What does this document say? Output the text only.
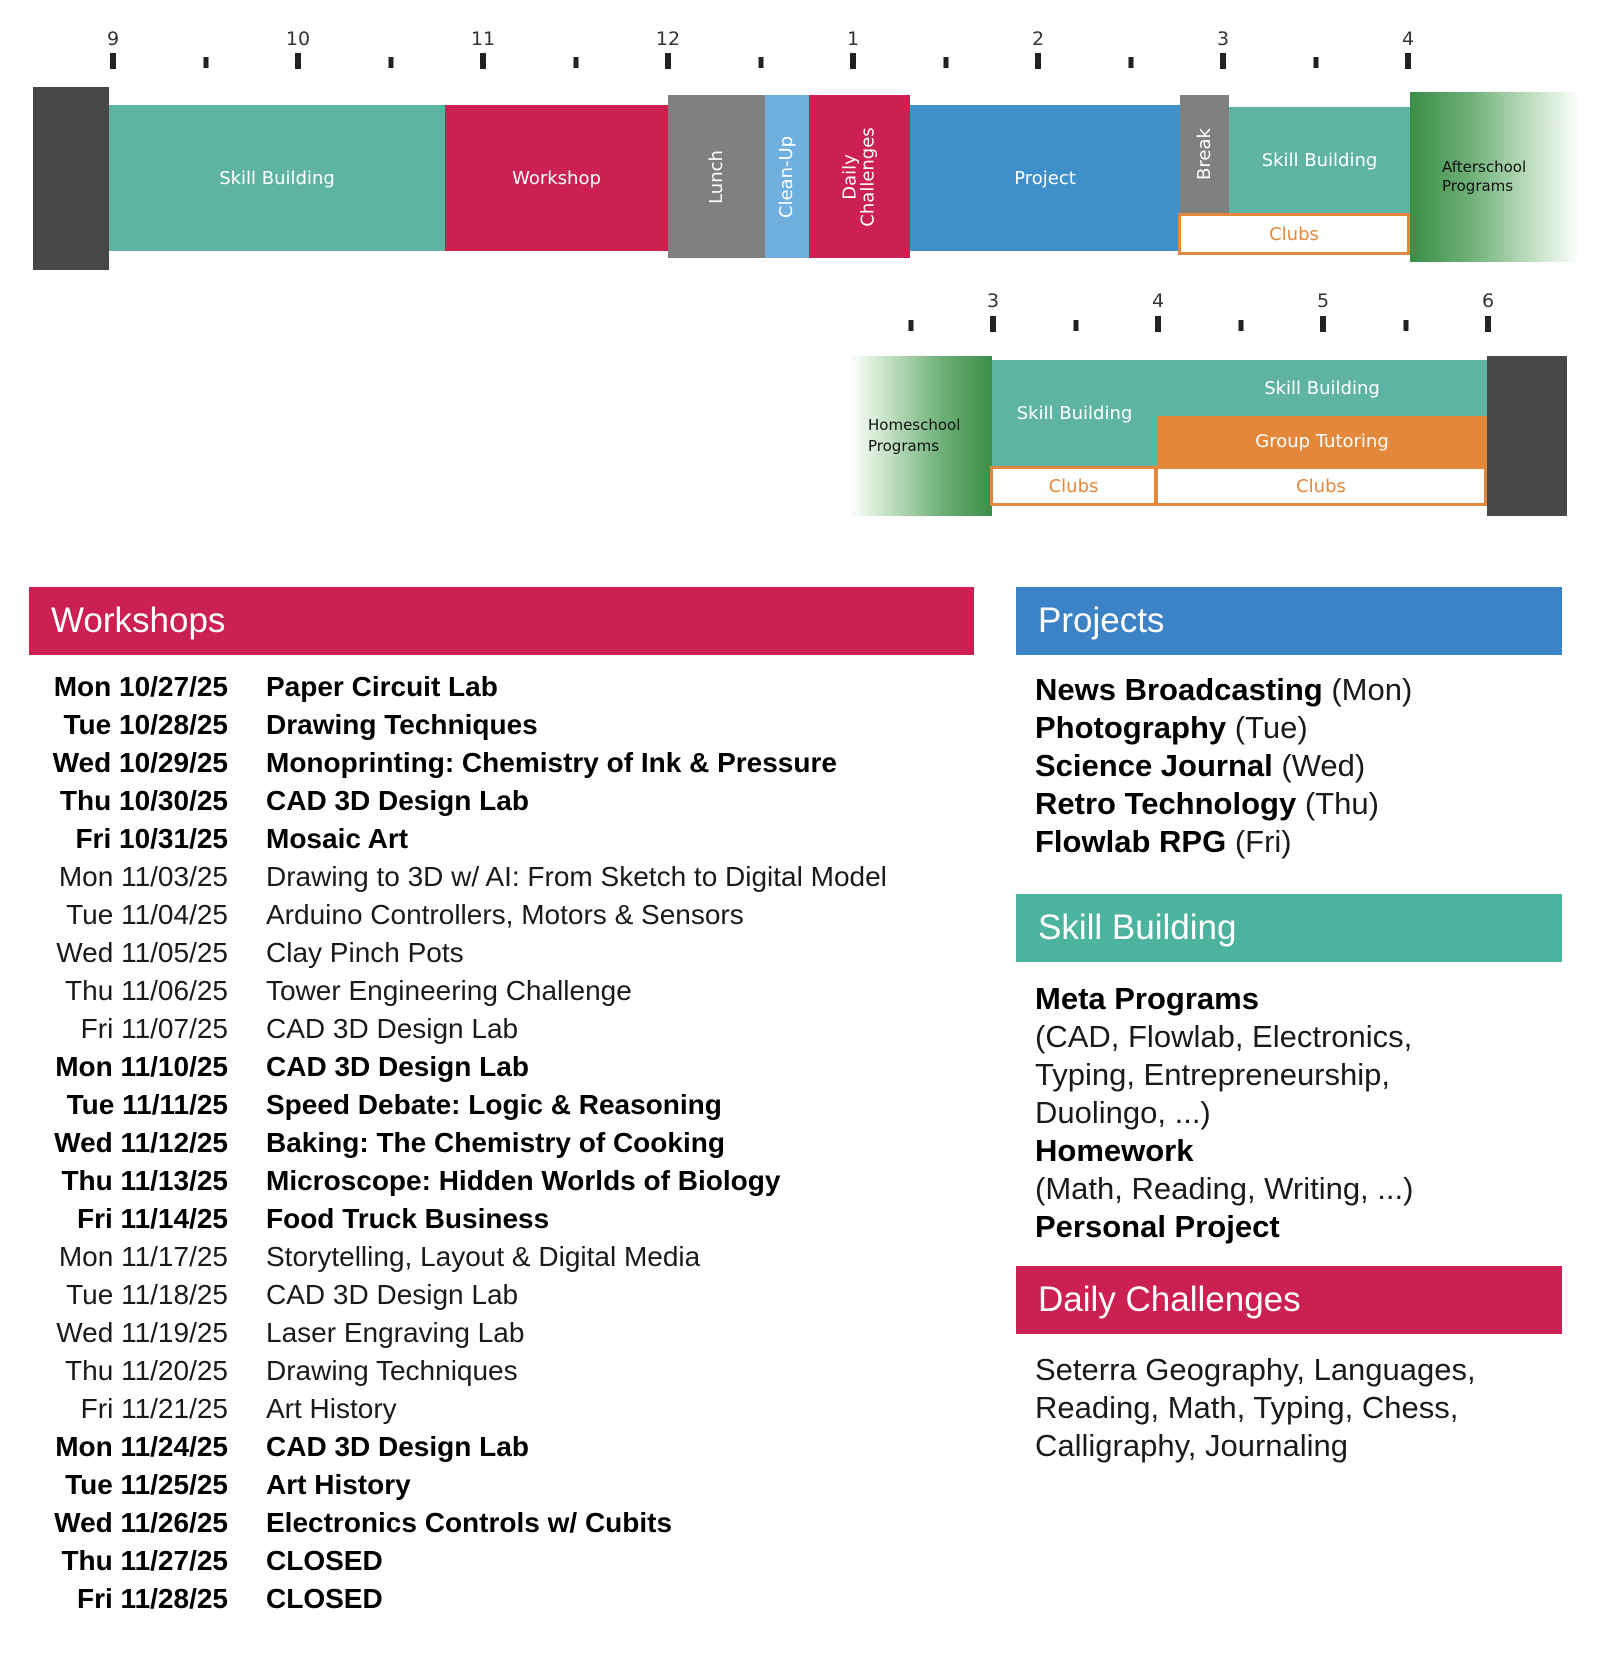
9	10	11	12	1	2	3	4
Skill Building	Workshop	Lunch	Clean-Up Daily
Challenges	Project	Break	Skill Building
Clubs
Afterschool
Programs
3	4	5	6
Homeschool
Programs
Skill Building
Skill Building
Group Tutoring
Clubs	Clubs
Workshops
Mon 10/27/25 Paper Circuit Lab
Tue 10/28/25 Drawing Techniques
Wed 10/29/25 Monoprinting: Chemistry of Ink & Pressure
Thu 10/30/25 CAD 3D Design Lab
Fri 10/31/25 Mosaic Art
Mon 11/03/25 Drawing to 3D w/ AI: From Sketch to Digital Model
Tue 11/04/25 Arduino Controllers, Motors & Sensors
Wed 11/05/25 Clay Pinch Pots
Thu 11/06/25 Tower Engineering Challenge
Fri 11/07/25 CAD 3D Design Lab
Mon 11/10/25 CAD 3D Design Lab
Tue 11/11/25 Speed Debate: Logic & Reasoning
Wed 11/12/25 Baking: The Chemistry of Cooking
Thu 11/13/25 Microscope: Hidden Worlds of Biology
Fri 11/14/25 Food Truck Business
Mon 11/17/25 Storytelling, Layout & Digital Media
Tue 11/18/25 CAD 3D Design Lab
Wed 11/19/25 Laser Engraving Lab
Thu 11/20/25 Drawing Techniques
Fri 11/21/25 Art History
Mon 11/24/25 CAD 3D Design Lab
Tue 11/25/25 Art History
Wed 11/26/25 Electronics Controls w/ Cubits
Thu 11/27/25 CLOSED
Fri 11/28/25 CLOSED
Projects
News Broadcasting (Mon)
Photography (Tue)
Science Journal (Wed)
Retro Technology (Thu)
Flowlab RPG (Fri)
Skill Building
Meta Programs
(CAD, Flowlab, Electronics, Typing, Entrepreneurship, Duolingo, ...)
Homework
(Math, Reading, Writing, ...)
Personal Project
Daily Challenges
Seterra Geography, Languages, Reading, Math, Typing, Chess, Calligraphy, Journaling
